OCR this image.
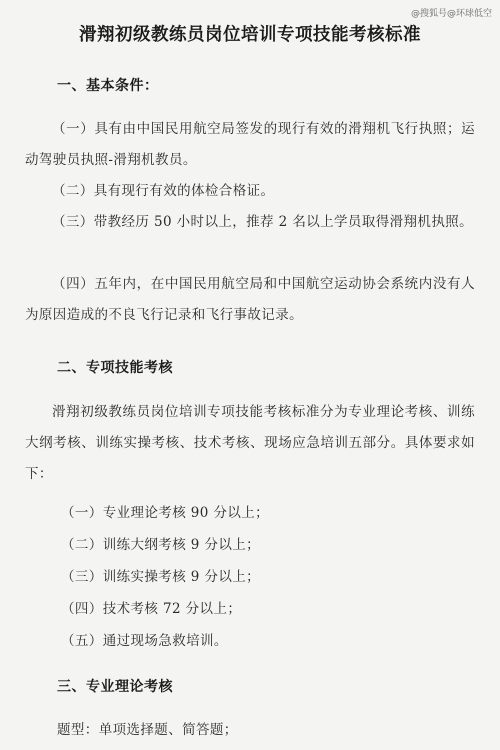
@搜狐号@环球低空
滑翔初级教练员岗位培训专项技能考核标准
一、基本条件：
（一）具有由中国民用航空局签发的现行有效的滑翔机飞行执照；运动驾驶员执照-滑翔机教员。
（二）具有现行有效的体检合格证。
（三）带教经历 50 小时以上，推荐 2 名以上学员取得滑翔机执照。
（四）五年内，在中国民用航空局和中国航空运动协会系统内没有人为原因造成的不良飞行记录和飞行事故记录。
二、专项技能考核
滑翔初级教练员岗位培训专项技能考核标准分为专业理论考核、训练大纲考核、训练实操考核、技术考核、现场应急培训五部分。具体要求如下：
（一）专业理论考核 90 分以上；
（二）训练大纲考核 9 分以上；
（三）训练实操考核 9 分以上；
（四）技术考核 72 分以上；
（五）通过现场急救培训。
三、专业理论考核
题型：单项选择题、简答题；
